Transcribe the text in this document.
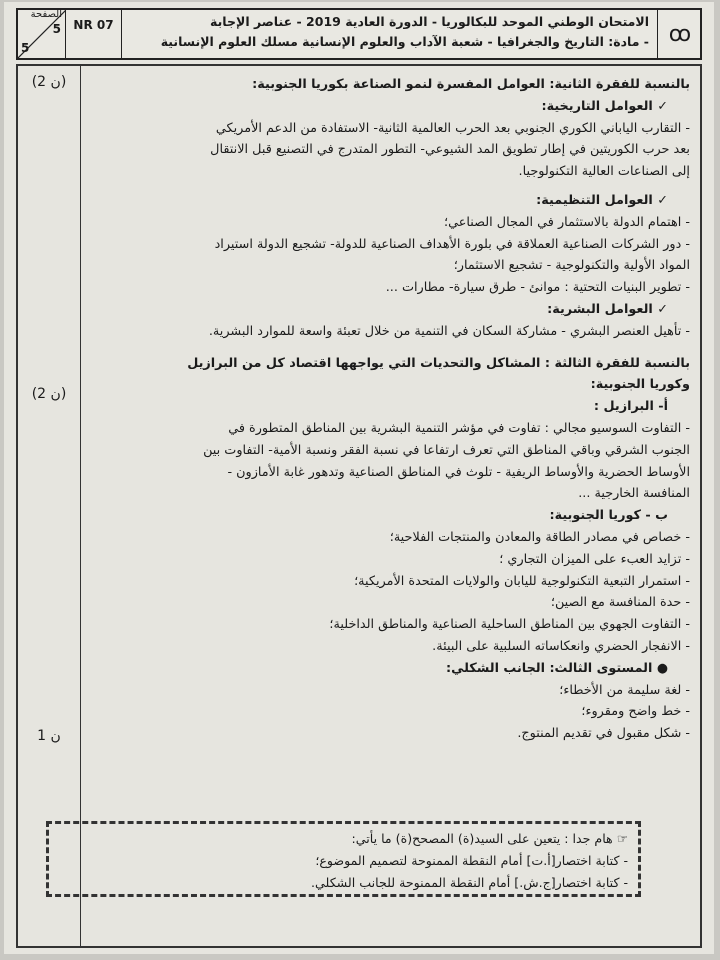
الصفحة
5
5
NR 07	الامتحان الوطني الموحد للبكالوريا - الدورة العادية 2019 - عناصر الإجابة
- مادة: التاريخ والجغرافيا - شعبة الآداب والعلوم الإنسانية مسلك العلوم الإنسانية ꝏ
(2 ن)
(2 ن)
1 ن

بالنسبة للفقرة الثانية: العوامل المفسرة لنمو الصناعة بكوريا الجنوبية:

✓ العوامل التاريخية:

- التقارب الياباني الكوري الجنوبي بعد الحرب العالمية الثانية- الاستفادة من الدعم الأمريكي

بعد حرب الكوريتين في إطار تطويق المد الشيوعي- التطور المتدرج في التصنيع قبل الانتقال

إلى الصناعات العالية التكنولوجيا.

✓ العوامل التنظيمية:

- اهتمام الدولة بالاستثمار في المجال الصناعي؛

- دور الشركات الصناعية العملاقة في بلورة الأهداف الصناعية للدولة- تشجيع الدولة استيراد

المواد الأولية والتكنولوجية - تشجيع الاستثمار؛

- تطوير البنيات التحتية : موانئ - طرق سيارة- مطارات ...

✓ العوامل البشرية:

- تأهيل العنصر البشري - مشاركة السكان في التنمية من خلال تعبئة واسعة للموارد البشرية.

بالنسبة للفقرة الثالثة : المشاكل والتحديات التي يواجهها اقتصاد كل من البرازيل

وكوريا الجنوبية:

أ- البرازيل :

- التفاوت السوسيو مجالي : تفاوت في مؤشر التنمية البشرية بين المناطق المتطورة في

الجنوب الشرقي وباقي المناطق التي تعرف ارتفاعا في نسبة الفقر ونسبة الأمية- التفاوت بين

الأوساط الحضرية والأوساط الريفية - تلوث في المناطق الصناعية وتدهور غابة الأمازون -

المنافسة الخارجية ...

ب - كوريا الجنوبية:

- خصاص في مصادر الطاقة والمعادن والمنتجات الفلاحية؛

- تزايد العبء على الميزان التجاري ؛

- استمرار التبعية التكنولوجية لليابان والولايات المتحدة الأمريكية؛

- حدة المنافسة مع الصين؛

- التفاوت الجهوي بين المناطق الساحلية الصناعية والمناطق الداخلية؛

- الانفجار الحضري وانعكاساته السلبية على البيئة.

● المستوى الثالث: الجانب الشكلي:

- لغة سليمة من الأخطاء؛

- خط واضح ومقروء؛

- شكل مقبول في تقديم المنتوج.

☞ هام جدا : يتعين على السيد(ة) المصحح(ة) ما يأتي:
- كتابة اختصار[أ.ت] أمام النقطة الممنوحة لتصميم الموضوع؛
- كتابة اختصار[ج.ش.] أمام النقطة الممنوحة للجانب الشكلي.
